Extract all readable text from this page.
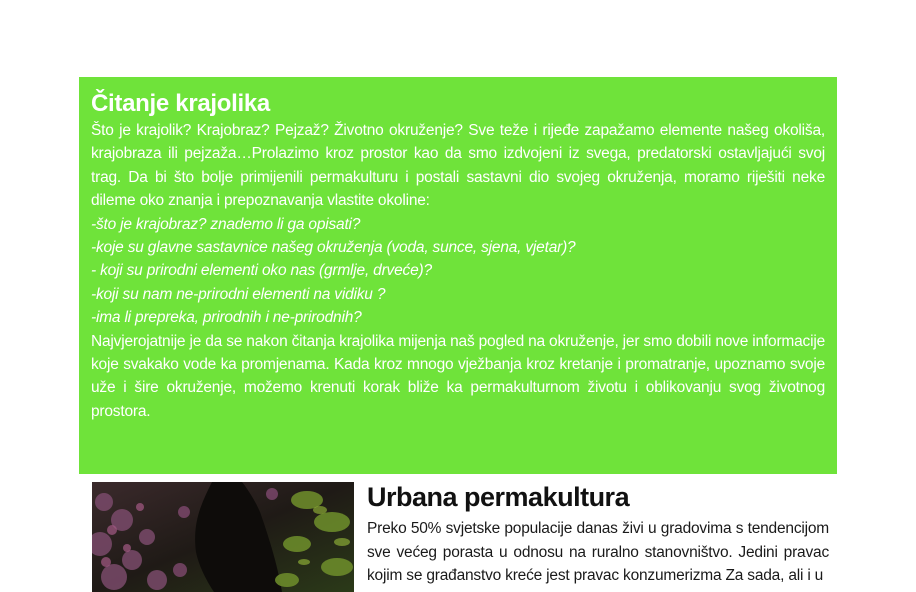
Čitanje krajolika

Što je krajolik? Krajobraz? Pejzaž? Životno okruženje? Sve teže i rijeđe zapažamo elemente našeg okoliša, krajobraza ili pejzaža…Prolazimo kroz prostor kao da smo izdvojeni iz svega, predatorski ostavljajući svoj trag. Da bi što bolje primijenili permakulturu i postali sastavni dio svojeg okruženja, moramo riješiti neke dileme oko znanja i prepoznavanja vlastite okoline:

-što je krajobraz? znademo li ga opisati?
-koje su glavne sastavnice našeg okruženja (voda, sunce, sjena, vjetar)?
- koji su prirodni elementi oko nas (grmlje, drveće)?
-koji su nam ne-prirodni elementi na vidiku ?
-ima li prepreka, prirodnih i ne-prirodnih?

Najvjerojatnije je da se nakon čitanja krajolika mijenja naš pogled na okruženje, jer smo dobili nove informacije koje svakako vode ka promjenama. Kada kroz mnogo vježbanja kroz kretanje i promatranje, upoznamo svoje uže i šire okruženje, možemo krenuti korak bliže ka permakulturnom životu i oblikovanju svog životnog prostora.

Urbana permakultura

Preko 50% svjetske populacije danas živi u gradovima s tendencijom sve većeg porasta u odnosu na ruralno stanovništvo. Jedini pravac kojim se građanstvo kreće jest pravac konzumerizma Za sada, ali i u
